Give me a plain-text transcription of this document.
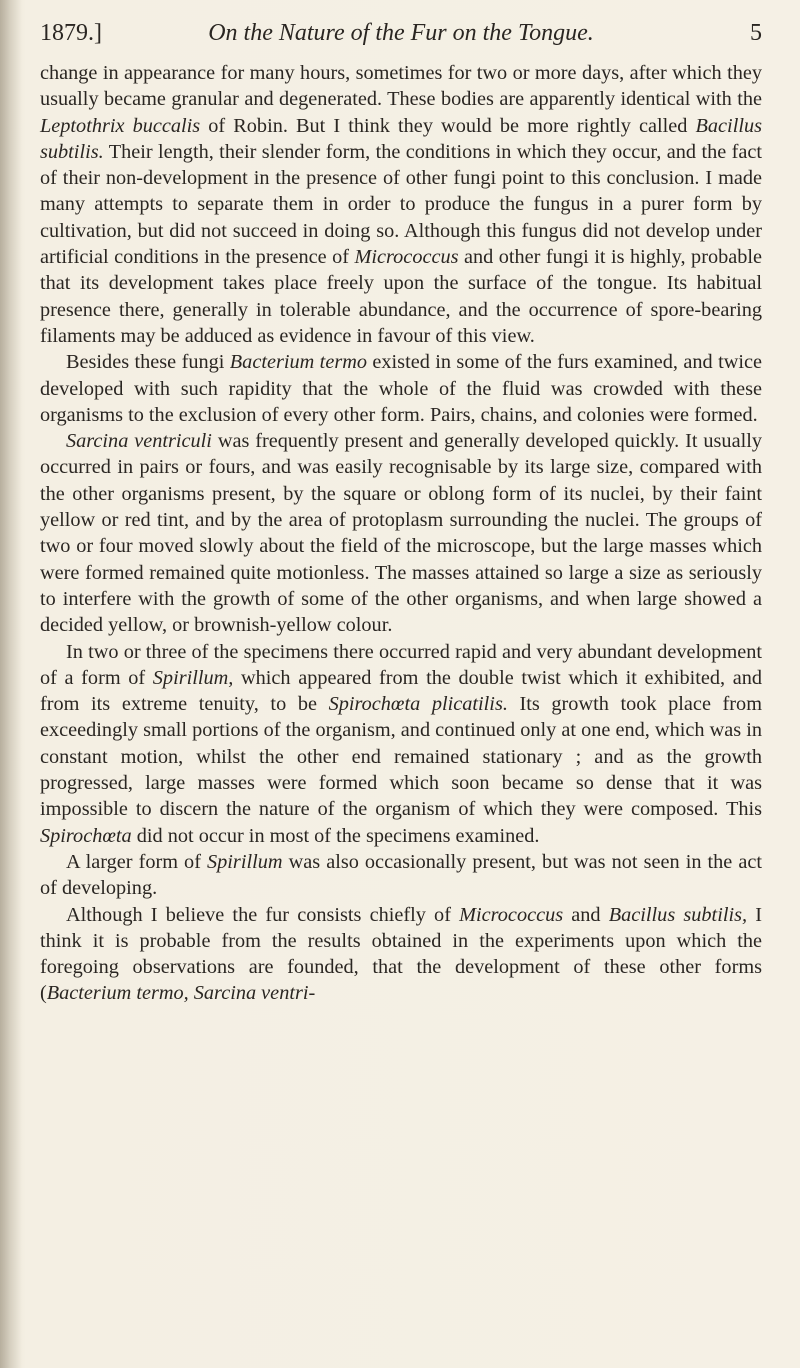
1879.]	On the Nature of the Fur on the Tongue.	5

change in appearance for many hours, sometimes for two or more days, after which they usually became granular and degenerated. These bodies are apparently identical with the Leptothrix buccalis of Robin. But I think they would be more rightly called Bacillus subtilis. Their length, their slender form, the conditions in which they occur, and the fact of their non-development in the presence of other fungi point to this conclusion. I made many attempts to separate them in order to produce the fungus in a purer form by cultivation, but did not succeed in doing so. Although this fungus did not develop under artificial conditions in the presence of Micrococcus and other fungi it is highly, probable that its development takes place freely upon the surface of the tongue. Its habitual presence there, generally in tolerable abundance, and the occurrence of spore-bearing filaments may be adduced as evidence in favour of this view.

Besides these fungi Bacterium termo existed in some of the furs examined, and twice developed with such rapidity that the whole of the fluid was crowded with these organisms to the exclusion of every other form. Pairs, chains, and colonies were formed.

Sarcina ventriculi was frequently present and generally developed quickly. It usually occurred in pairs or fours, and was easily recognisable by its large size, compared with the other organisms present, by the square or oblong form of its nuclei, by their faint yellow or red tint, and by the area of protoplasm surrounding the nuclei. The groups of two or four moved slowly about the field of the microscope, but the large masses which were formed remained quite motionless. The masses attained so large a size as seriously to interfere with the growth of some of the other organisms, and when large showed a decided yellow, or brownish-yellow colour.

In two or three of the specimens there occurred rapid and very abundant development of a form of Spirillum, which appeared from the double twist which it exhibited, and from its extreme tenuity, to be Spirochœta plicatilis. Its growth took place from exceedingly small portions of the organism, and continued only at one end, which was in constant motion, whilst the other end remained stationary ; and as the growth progressed, large masses were formed which soon became so dense that it was impossible to discern the nature of the organism of which they were composed. This Spirochœta did not occur in most of the specimens examined.

A larger form of Spirillum was also occasionally present, but was not seen in the act of developing.

Although I believe the fur consists chiefly of Micrococcus and Bacillus subtilis, I think it is probable from the results obtained in the experiments upon which the foregoing observations are founded, that the development of these other forms (Bacterium termo, Sarcina ventri-
